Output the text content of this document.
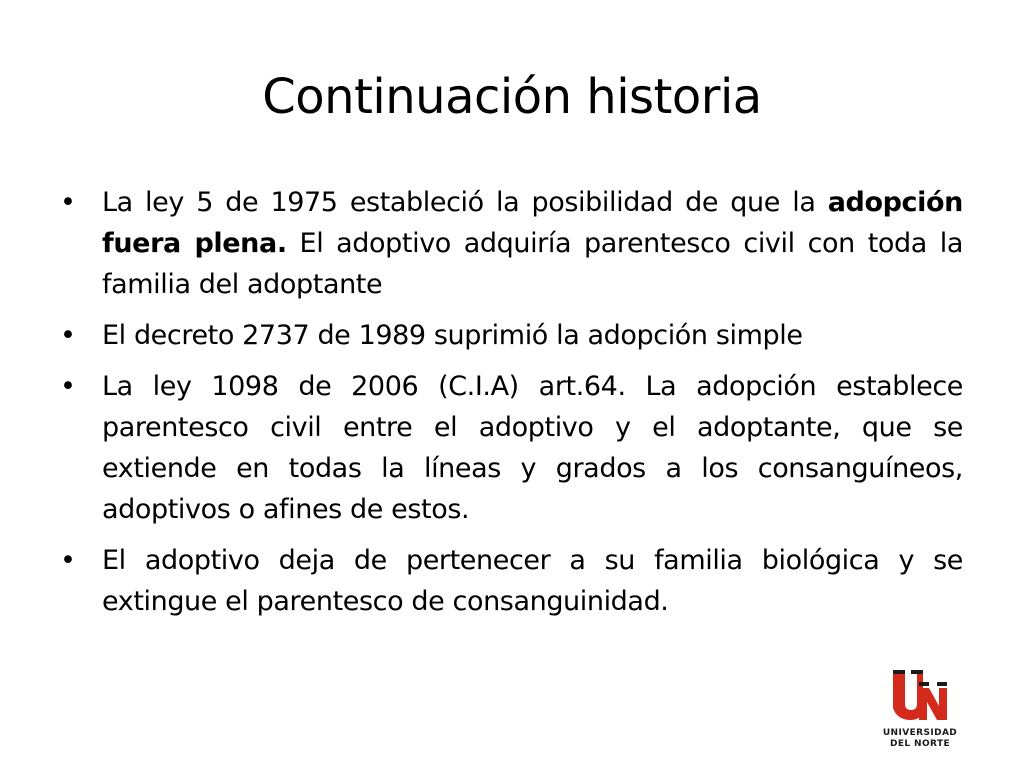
Continuación historia
• La ley 5 de 1975 estableció la posibilidad de que la adopción fuera plena. El adoptivo adquiría parentesco civil con toda la familia del adoptante
• El decreto 2737 de 1989 suprimió la adopción simple
• La ley 1098 de 2006 (C.I.A) art.64. La adopción establece parentesco civil entre el adoptivo y el adoptante, que se extiende en todas la líneas y grados a los consanguíneos, adoptivos o afines de estos.
• El adoptivo deja de pertenecer a su familia biológica y se extingue el parentesco de consanguinidad.
UNIVERSIDAD
DEL NORTE
